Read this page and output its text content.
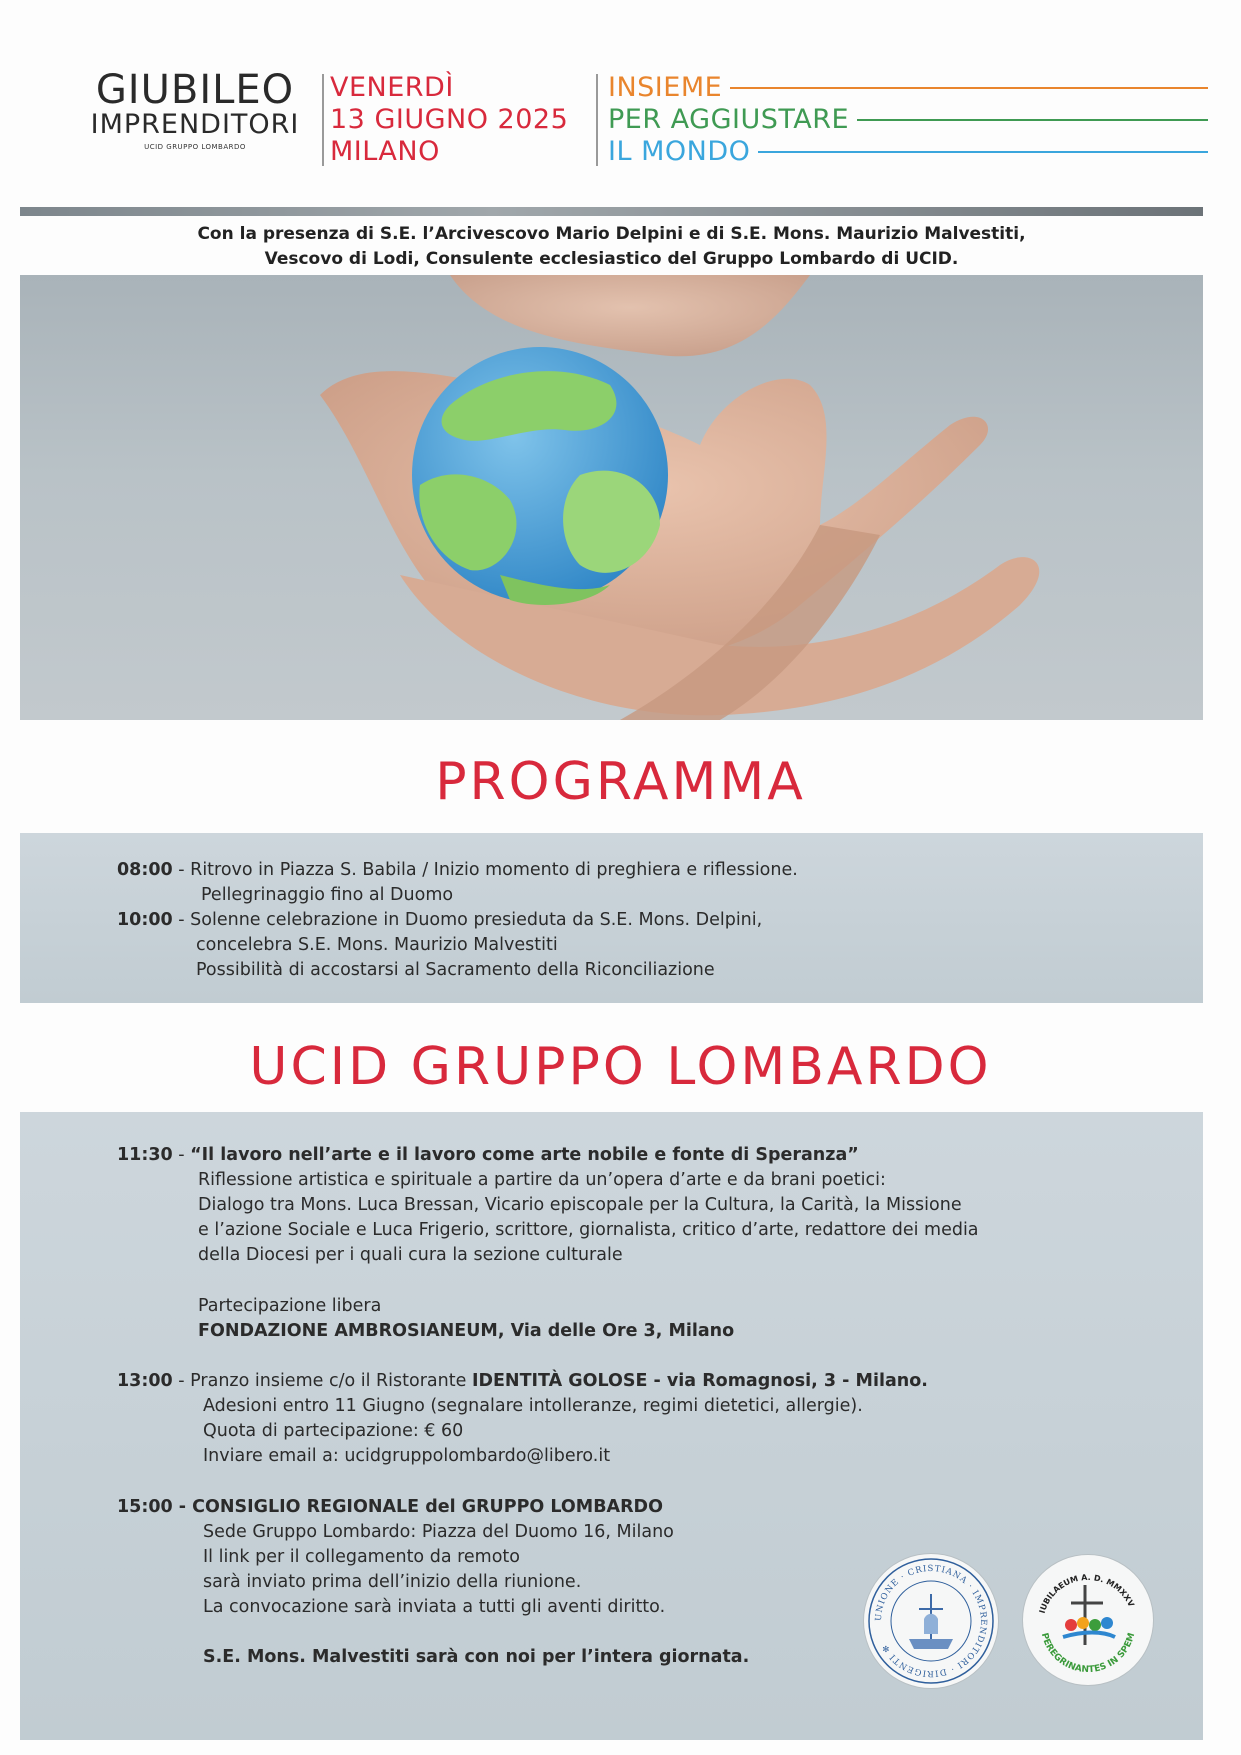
GIUBILEO
IMPRENDITORI
UCID GRUPPO LOMBARDO
VENERDÌ
13 GIUGNO 2025
MILANO
INSIEME
PER AGGIUSTARE
IL MONDO
Con la presenza di S.E. l’Arcivescovo Mario Delpini e di S.E. Mons. Maurizio Malvestiti,
Vescovo di Lodi, Consulente ecclesiastico del Gruppo Lombardo di UCID.
PROGRAMMA
08:00 - Ritrovo in Piazza S. Babila / Inizio momento di preghiera e riflessione.
Pellegrinaggio fino al Duomo
10:00 - Solenne celebrazione in Duomo presieduta da S.E. Mons. Delpini,
concelebra S.E. Mons. Maurizio Malvestiti
Possibilità di accostarsi al Sacramento della Riconciliazione
UCID GRUPPO LOMBARDO
11:30 - “Il lavoro nell’arte e il lavoro come arte nobile e fonte di Speranza”
Riflessione artistica e spirituale a partire da un’opera d’arte e da brani poetici:
Dialogo tra Mons. Luca Bressan, Vicario episcopale per la Cultura, la Carità, la Missione
e l’azione Sociale e Luca Frigerio, scrittore, giornalista, critico d’arte, redattore dei media
della Diocesi per i quali cura la sezione culturale
Partecipazione libera
FONDAZIONE AMBROSIANEUM, Via delle Ore 3, Milano
13:00 - Pranzo insieme c/o il Ristorante IDENTITÀ GOLOSE - via Romagnosi, 3 - Milano.
Adesioni entro 11 Giugno (segnalare intolleranze, regimi dietetici, allergie).
Quota di partecipazione: € 60
Inviare email a: ucidgruppolombardo@libero.it
15:00 - CONSIGLIO REGIONALE del GRUPPO LOMBARDO
Sede Gruppo Lombardo: Piazza del Duomo 16, Milano
Il link per il collegamento da remoto
sarà inviato prima dell’inizio della riunione.
La convocazione sarà inviata a tutti gli aventi diritto.
S.E. Mons. Malvestiti sarà con noi per l’intera giornata.
UNIONE · CRISTIANA · IMPRENDITORI · DIRIGENTI ✻
IUBILAEUM A. D. MMXXV
PEREGRINANTES IN SPEM
